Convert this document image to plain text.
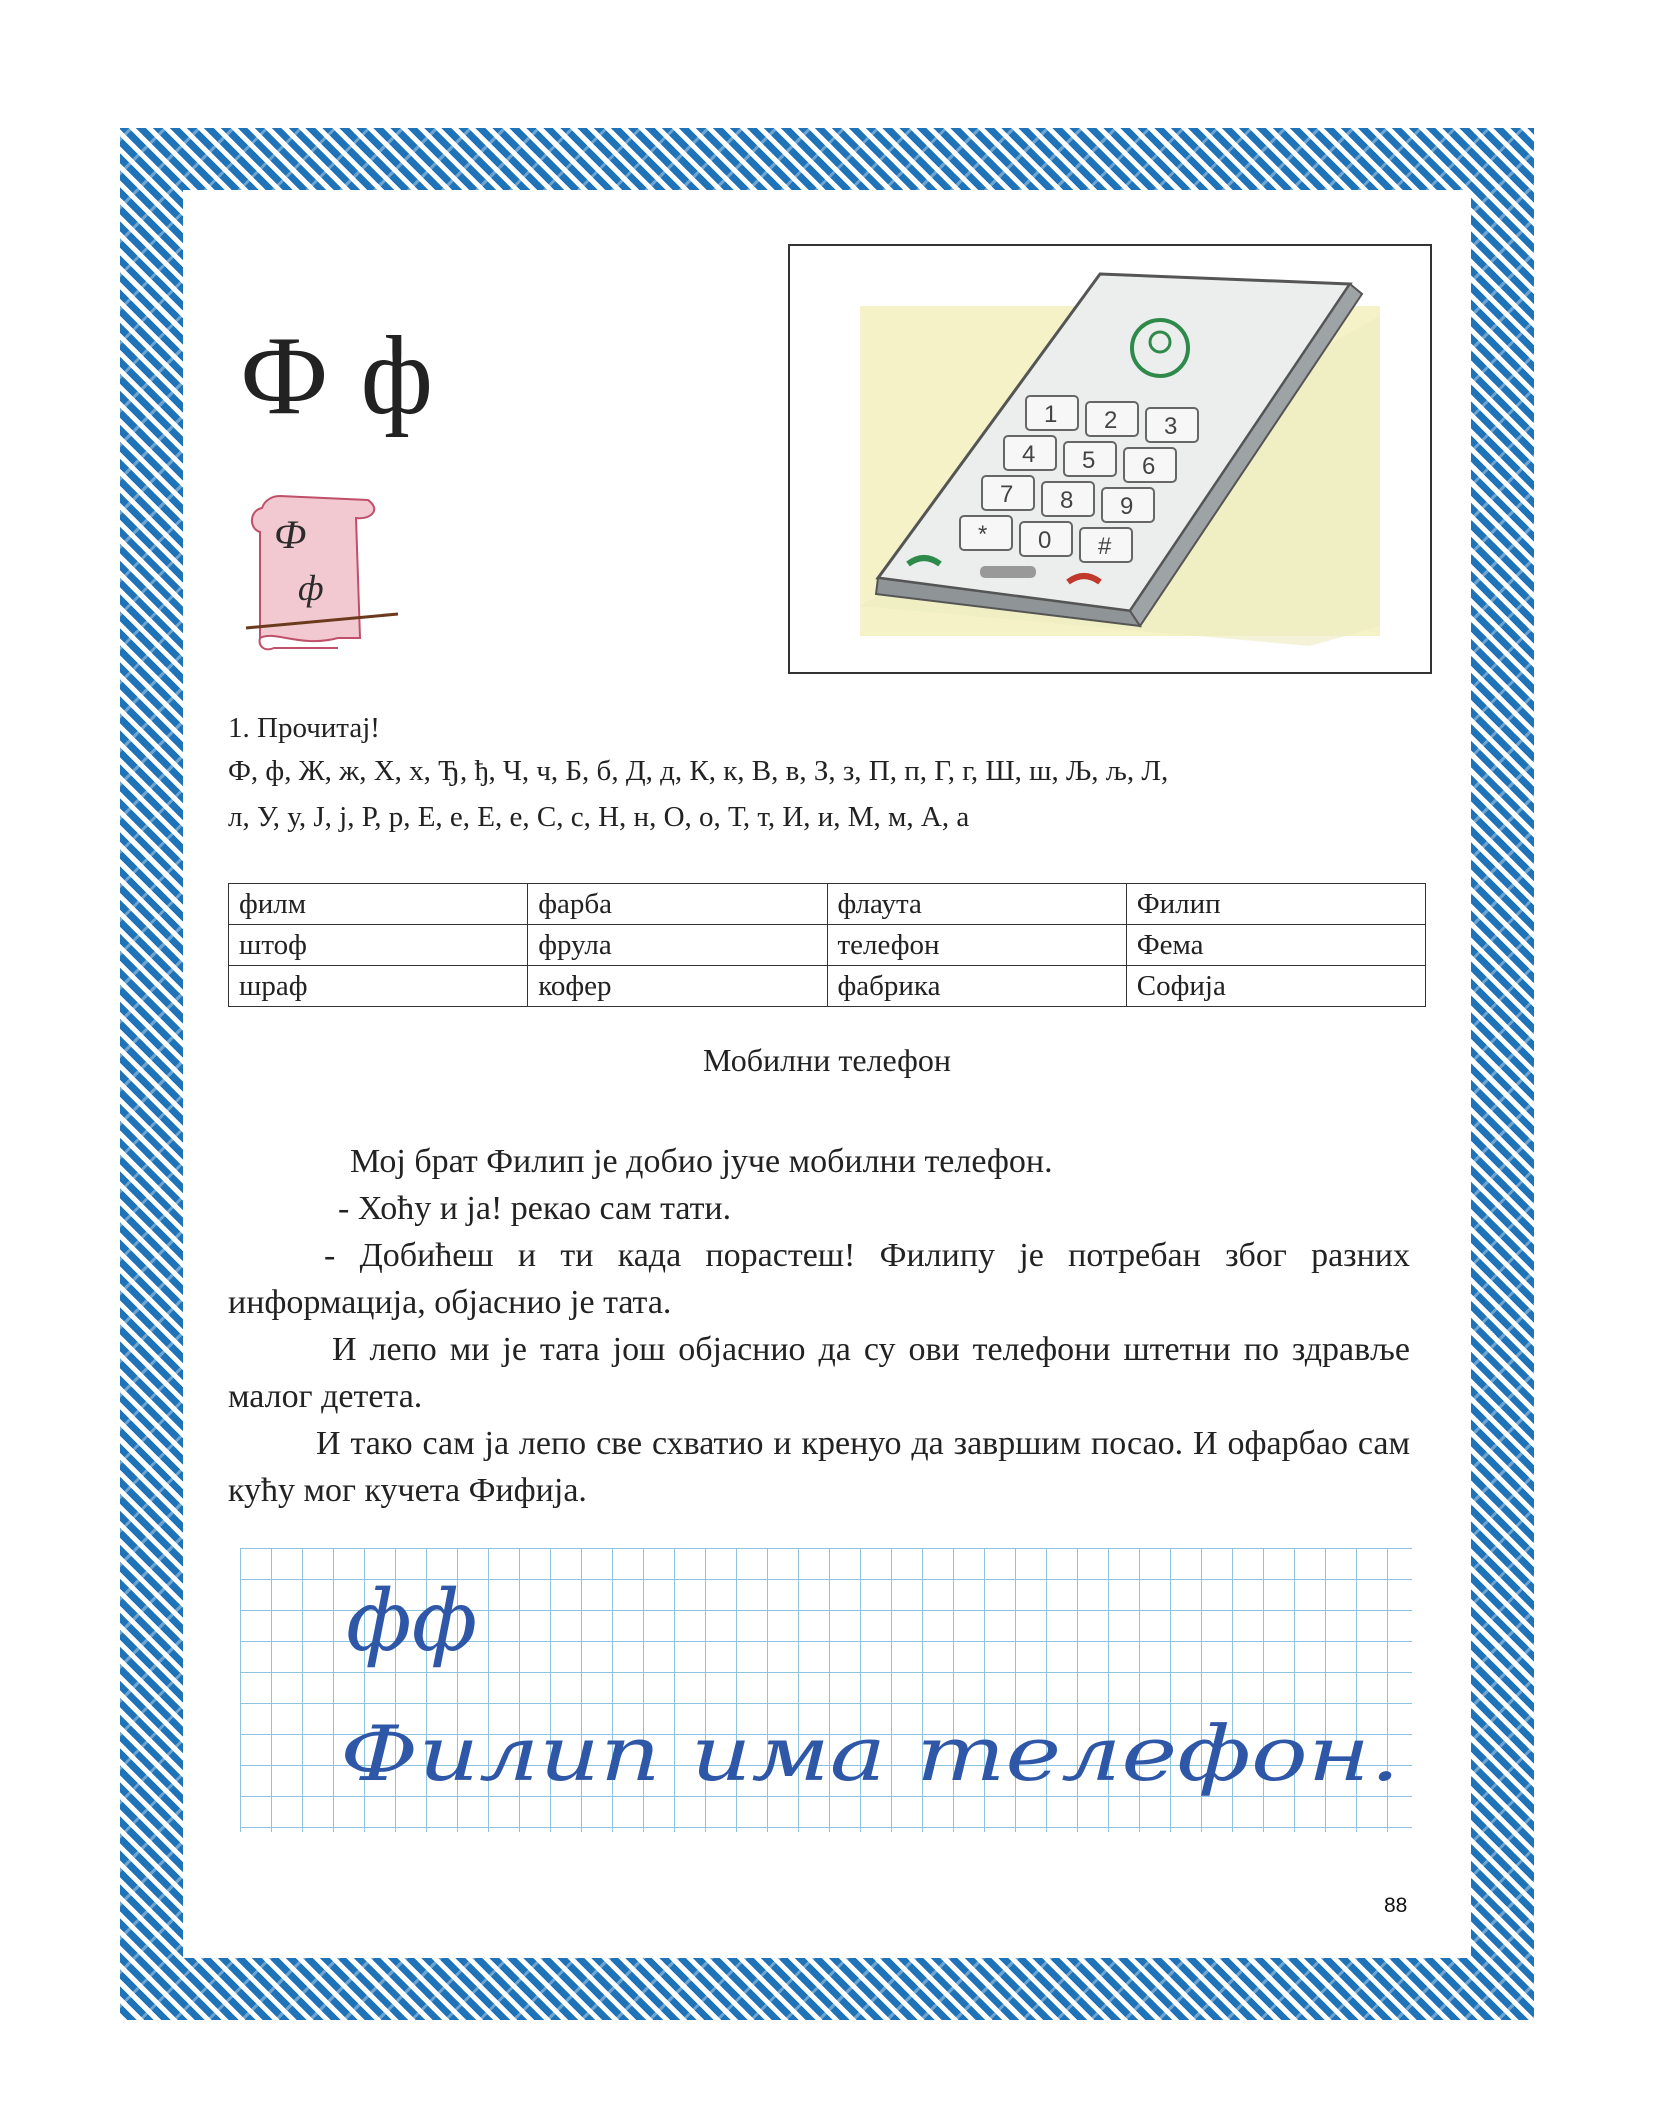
Ф ф
Ф
ф
1 2 3
4 5 6
7 8 9
* 0 #
1. Прочитај!
Ф, ф, Ж, ж, Х, х, Ђ, ђ, Ч, ч, Б, б, Д, д, К, к, В, в, З, з, П, п, Г, г, Ш, ш, Љ, љ, Л,
л, У, у, Ј, ј, Р, р, Е, е, Е, е, С, с, Н, н, О, о, Т, т, И, и, М, м, А, а
филм	фарба	флаута	Филип
штоф	фрула	телефон	Фема
шраф	кофер	фабрика	Софија
Мобилни телефон

Мој брат Филип је добио јуче мобилни телефон.

- Хоћу и ја! рекао сам тати.

- Добићеш и ти када порастеш! Филипу је потребан због разних информација, објаснио је тата.

И лепо ми је тата још објаснио да су ови телефони штетни по здравље малог детета.

И тако сам ја лепо све схватио и кренуо да завршим посао. И офарбао сам кућу мог кучета Фифија.

фф
Филип има телефон.
88
